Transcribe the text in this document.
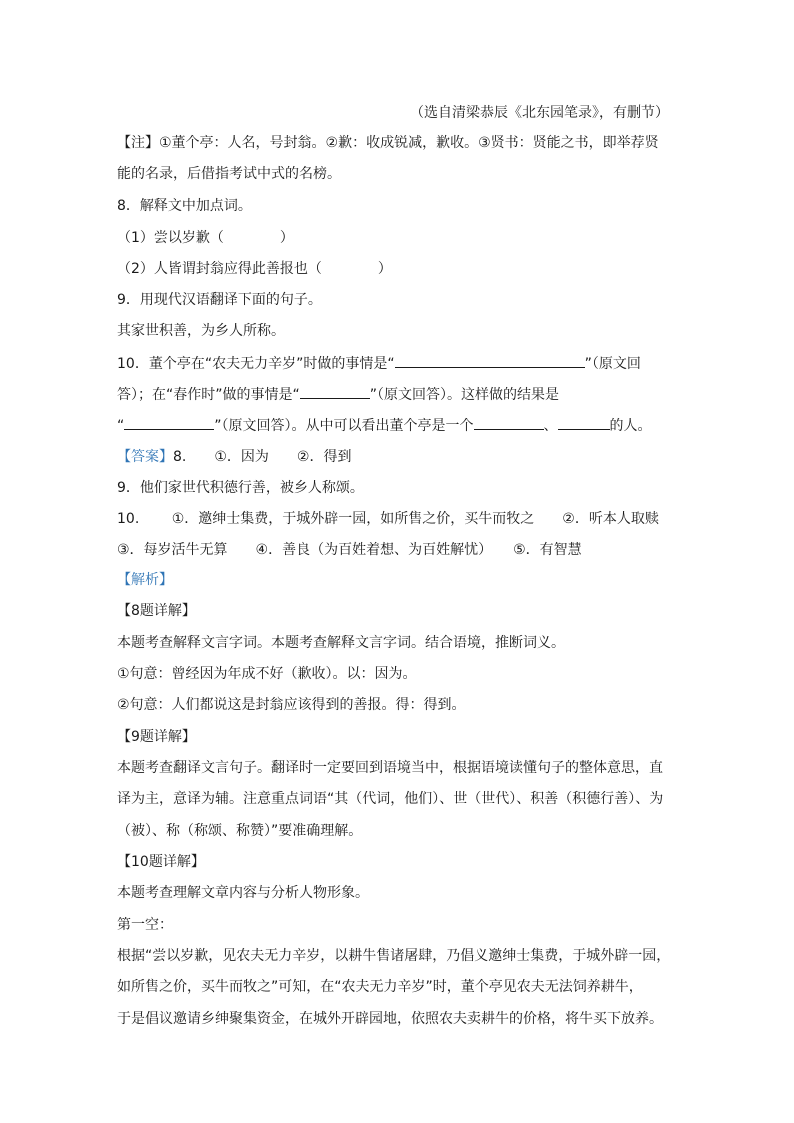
（选自清梁恭辰《北东园笔录》，有删节）
【注】①董个亭：人名，号封翁。②歉：收成锐减，歉收。③贤书：贤能之书，即举荐贤
能的名录，后借指考试中式的名榜。
8．解释文中加点词。
（1）尝以岁歉（　　　　）
（2）人皆谓封翁应得此善报也（　　　　）
9．用现代汉语翻译下面的句子。
其家世积善，为乡人所称。
10．董个亭在“农夫无力辛岁”时做的事情是“	”（原文回
答）；在“春作时”做的事情是“	”（原文回答）。这样做的结果是
“	”（原文回答）。从中可以看出董个亭是一个	、	的人。
【答案】8.　　①．因为　　②．得到
9．他们家世代积德行善，被乡人称颂。
10.　　 ①．邀绅士集费，于城外辟一园，如所售之价，买牛而牧之　　②．听本人取赎
③．每岁活牛无算　　④．善良（为百姓着想、为百姓解忧）　　⑤．有智慧
【解析】
【8题详解】
本题考查解释文言字词。本题考查解释文言字词。结合语境，推断词义。
①句意：曾经因为年成不好（歉收）。以：因为。
②句意：人们都说这是封翁应该得到的善报。得：得到。
【9题详解】
本题考查翻译文言句子。翻译时一定要回到语境当中，根据语境读懂句子的整体意思，直
译为主，意译为辅。注意重点词语“其（代词，他们）、世（世代）、积善（积德行善）、为
（被）、称（称颂、称赞）”要准确理解。
【10题详解】
本题考查理解文章内容与分析人物形象。
第一空：
根据“尝以岁歉，见农夫无力辛岁，以耕牛售诸屠肆，乃倡义邀绅士集费，于城外辟一园，
如所售之价，买牛而牧之”可知，在“农夫无力辛岁”时，董个亭见农夫无法饲养耕牛，
于是倡议邀请乡绅聚集资金，在城外开辟园地，依照农夫卖耕牛的价格，将牛买下放养。
